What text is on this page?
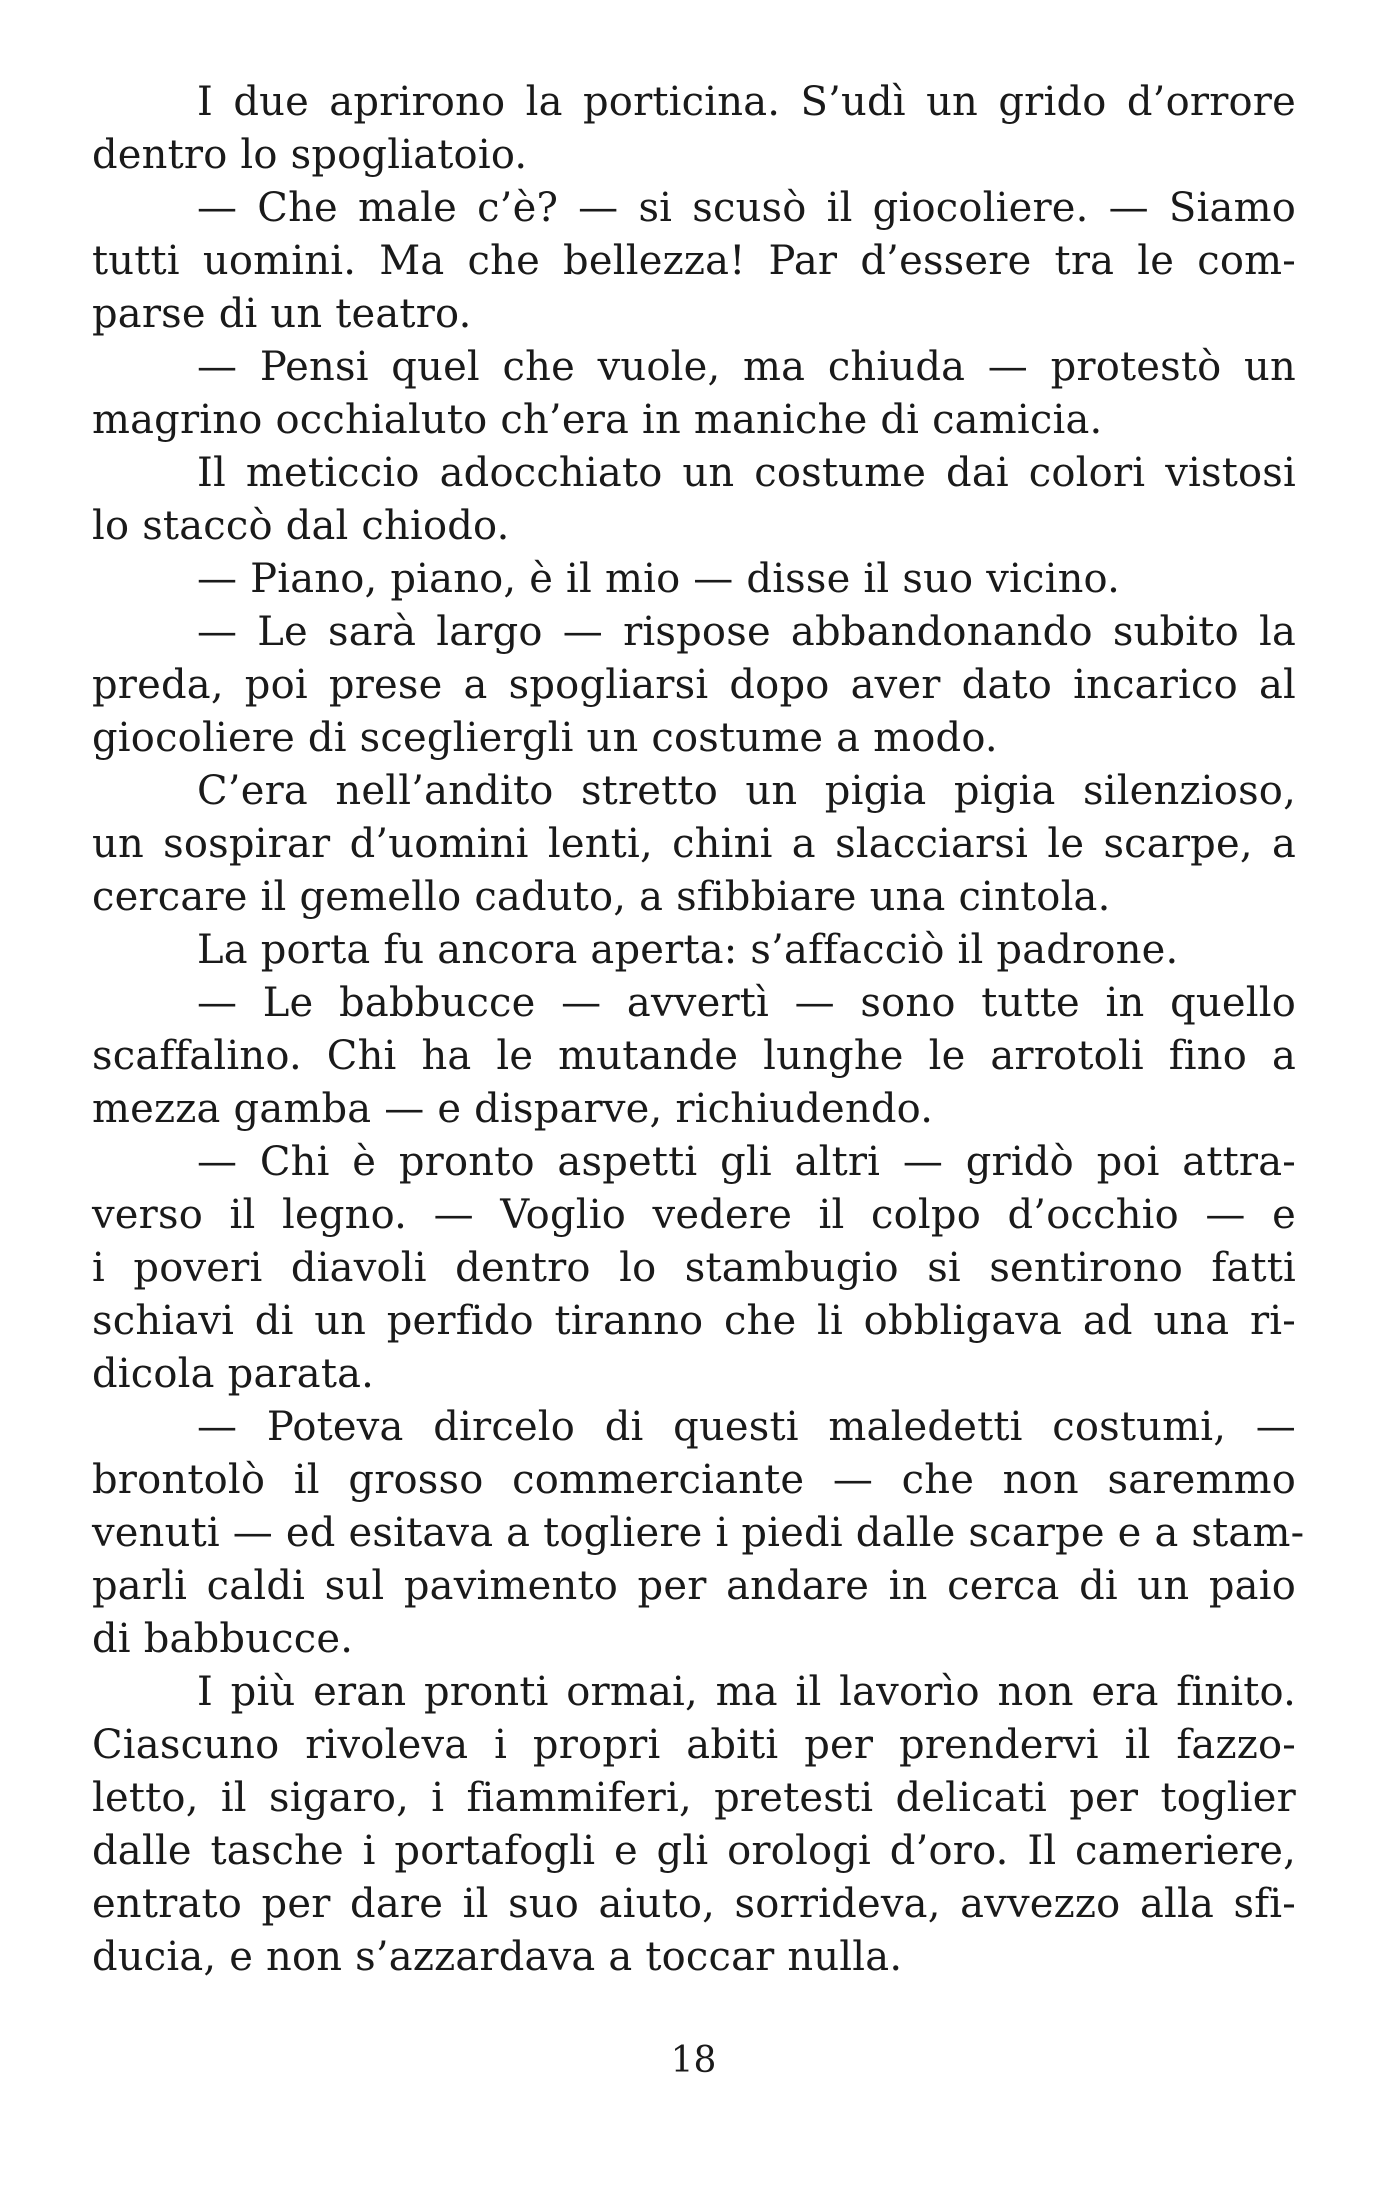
I due aprirono la porticina. S’udì un grido d’orrore
dentro lo spogliatoio.
— Che male c’è? — si scusò il giocoliere. — Siamo
tutti uomini. Ma che bellezza! Par d’essere tra le com-
parse di un teatro.
— Pensi quel che vuole, ma chiuda — protestò un
magrino occhialuto ch’era in maniche di camicia.
Il meticcio adocchiato un costume dai colori vistosi
lo staccò dal chiodo.
— Piano, piano, è il mio — disse il suo vicino.
— Le sarà largo — rispose abbandonando subito la
preda, poi prese a spogliarsi dopo aver dato incarico al
giocoliere di scegliergli un costume a modo.
C’era nell’andito stretto un pigia pigia silenzioso,
un sospirar d’uomini lenti, chini a slacciarsi le scarpe, a
cercare il gemello caduto, a sfibbiare una cintola.
La porta fu ancora aperta: s’affacciò il padrone.
— Le babbucce — avvertì — sono tutte in quello
scaffalino. Chi ha le mutande lunghe le arrotoli fino a
mezza gamba — e disparve, richiudendo.
— Chi è pronto aspetti gli altri — gridò poi attra-
verso il legno. — Voglio vedere il colpo d’occhio — e
i poveri diavoli dentro lo stambugio si sentirono fatti
schiavi di un perfido tiranno che li obbligava ad una ri-
dicola parata.
— Poteva dircelo di questi maledetti costumi, —
brontolò il grosso commerciante — che non saremmo
venuti — ed esitava a togliere i piedi dalle scarpe e a stam-
parli caldi sul pavimento per andare in cerca di un paio
di babbucce.
I più eran pronti ormai, ma il lavorìo non era finito.
Ciascuno rivoleva i propri abiti per prendervi il fazzo-
letto, il sigaro, i fiammiferi, pretesti delicati per toglier
dalle tasche i portafogli e gli orologi d’oro. Il cameriere,
entrato per dare il suo aiuto, sorrideva, avvezzo alla sfi-
ducia, e non s’azzardava a toccar nulla.
18
